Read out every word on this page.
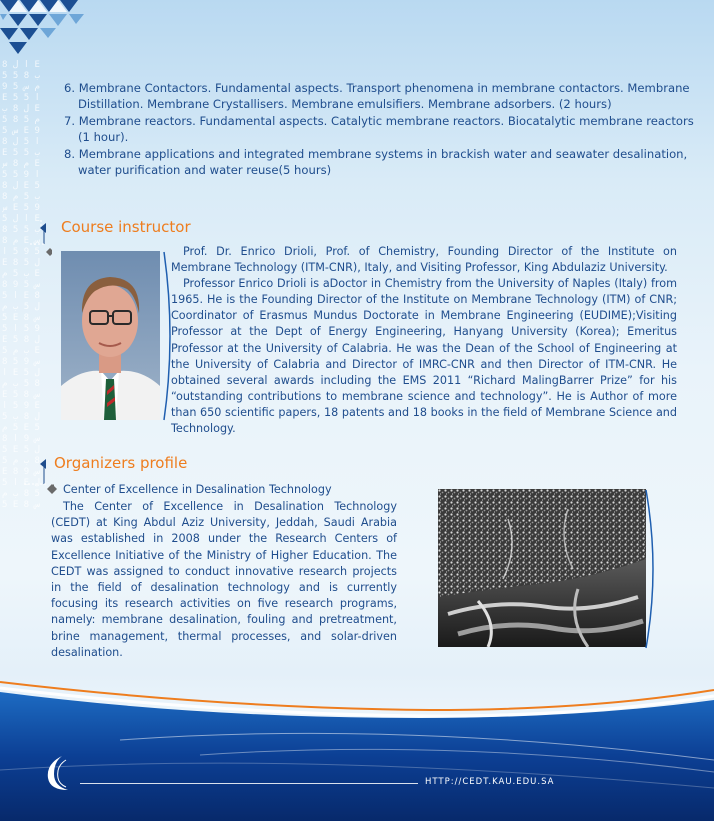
8 ﺍ ﻝ E 5 5 ﺏ 8 ﻡ ﺱ 5 9 E ﺍ 5 5 ﻝ 8 ﺏ E 5 ﻡ 5 8 ﺱ 5 E 9 ﺍ 5 ﻝ 8 E 5 ﺏ 5 ﻡ 8 ﺱ E 5 5 9 ﺍ ﻝ 8 E 5 ﺏ 5 ﻡ 8 ﺱ E 5 9 5 ﺍ ﻝ E 8 5 ﺏ 5 ﻡ 8 E ﺱ 5 9 5 ﺍ E 8 ﻝ 5 ﺏ 5 ﻡ E 8 ﺱ 5 9 ﺍ 5 E 8 ﻝ 5 ﺏ ﻡ 5 E 8 ﺱ 9 5 ﺍ 5 E ﻝ 8 5 ﺏ ﻡ 5 E 8 ﺱ 9 5 ﺍ E 5 ﻝ 8 5 ﺏ ﻡ E 5 8 ﺱ 9 5 ﺍ E 5 ﻝ 8 ﺏ 5 ﻡ E 5 8 ﺱ 9 ﺍ 5 E ﻝ 5 8 ﺏ ﻡ 5 E 8 ﺱ 9 ﺍ 5 E ﻝ 5 8 ﺏ ﻡ 5 E 8 ﺱ
6. Membrane Contactors. Fundamental aspects. Transport phenomena in membrane contactors. Membrane Distillation. Membrane Crystallisers. Membrane emulsifiers. Membrane adsorbers. (2 hours)
7. Membrane reactors. Fundamental aspects. Catalytic membrane reactors. Biocatalytic membrane reactors (1 hour).
8. Membrane applications and integrated membrane systems in brackish water and seawater desalination, water purification and water reuse(5 hours)
Course instructor

Prof. Dr. Enrico Drioli, Prof. of Chemistry, Founding Director of the Institute on Membrane Technology (ITM-CNR), Italy, and Visiting Professor, King Abdulaziz University.

Professor Enrico Drioli is aDoctor in Chemistry from the University of Naples (Italy) from 1965. He is the Founding Director of the Institute on Membrane Technology (ITM) of CNR; Coordinator of Erasmus Mundus Doctorate in Membrane Engineering (EUDIME);Visiting Professor at the Dept of Energy Engineering, Hanyang University (Korea); Emeritus Professor at the University of Calabria. He was the Dean of the School of Engineering at the University of Calabria and Director of IMRC-CNR and then Director of ITM-CNR. He obtained several awards including the EMS 2011 “Richard MalingBarrer Prize” for his “outstanding contributions to membrane science and technology”. He is Author of more than 650 scientific papers, 18 patents and 18 books in the field of Membrane Science and Technology.

Organizers profile
Center of Excellence in Desalination Technology

The Center of Excellence in Desalination Technology (CEDT) at King Abdul Aziz University, Jeddah, Saudi Arabia was established in 2008 under the Research Centers of Excellence Initiative of the Ministry of Higher Education. The CEDT was assigned to conduct innovative research projects in the field of desalination technology and is currently focusing its research activities on five research programs, namely: membrane desalination, fouling and pretreatment, brine management, thermal processes, and solar-driven desalination.

HTTP://CEDT.KAU.EDU.SA
